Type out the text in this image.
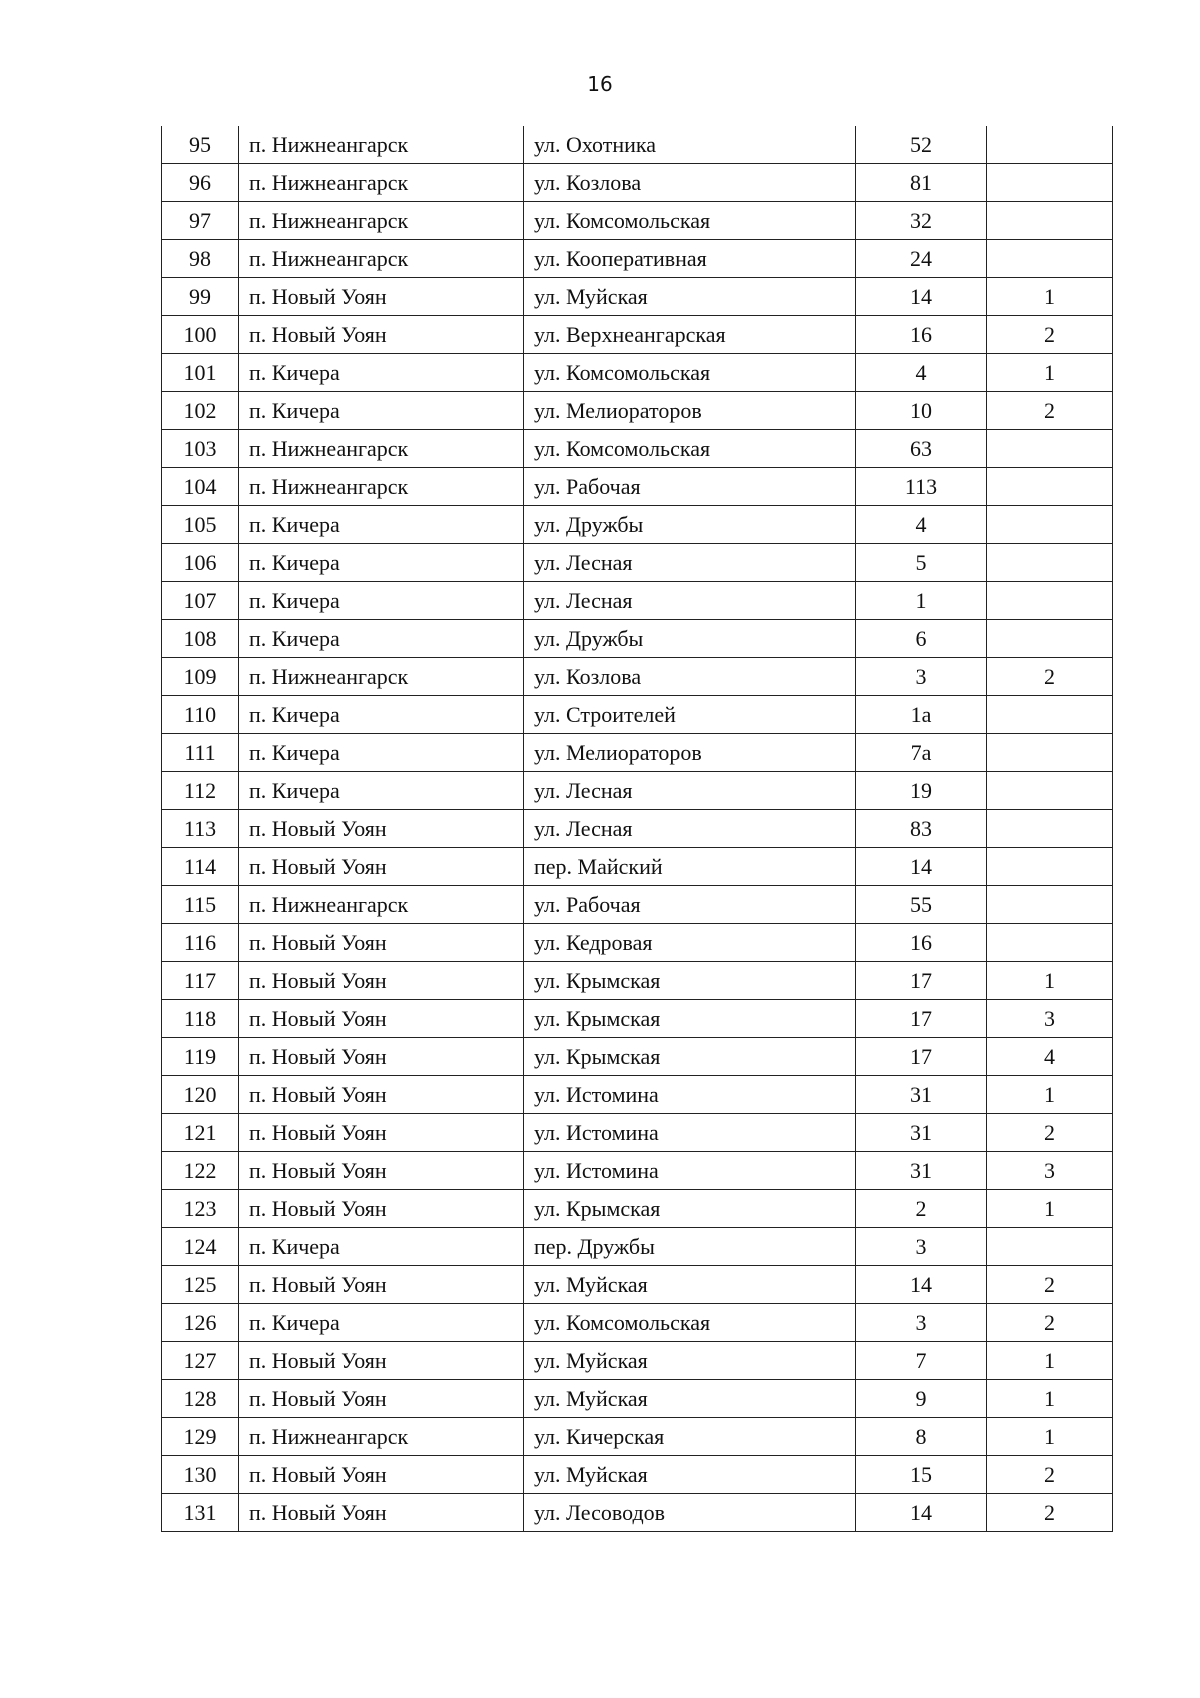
16
95	п. Нижнеангарск	ул. Охотника	52	
96	п. Нижнеангарск	ул. Козлова	81	
97	п. Нижнеангарск	ул. Комсомольская	32	
98	п. Нижнеангарск	ул. Кооперативная	24	
99	п. Новый Уоян	ул. Муйская	14	1
100	п. Новый Уоян	ул. Верхнеангарская	16	2
101	п. Кичера	ул. Комсомольская	4	1
102	п. Кичера	ул. Мелиораторов	10	2
103	п. Нижнеангарск	ул. Комсомольская	63	
104	п. Нижнеангарск	ул. Рабочая	113	
105	п. Кичера	ул. Дружбы	4	
106	п. Кичера	ул. Лесная	5	
107	п. Кичера	ул. Лесная	1	
108	п. Кичера	ул. Дружбы	6	
109	п. Нижнеангарск	ул. Козлова	3	2
110	п. Кичера	ул. Строителей	1а	
111	п. Кичера	ул. Мелиораторов	7а	
112	п. Кичера	ул. Лесная	19	
113	п. Новый Уоян	ул. Лесная	83	
114	п. Новый Уоян	пер. Майский	14	
115	п. Нижнеангарск	ул. Рабочая	55	
116	п. Новый Уоян	ул. Кедровая	16	
117	п. Новый Уоян	ул. Крымская	17	1
118	п. Новый Уоян	ул. Крымская	17	3
119	п. Новый Уоян	ул. Крымская	17	4
120	п. Новый Уоян	ул. Истомина	31	1
121	п. Новый Уоян	ул. Истомина	31	2
122	п. Новый Уоян	ул. Истомина	31	3
123	п. Новый Уоян	ул. Крымская	2	1
124	п. Кичера	пер. Дружбы	3	
125	п. Новый Уоян	ул. Муйская	14	2
126	п. Кичера	ул. Комсомольская	3	2
127	п. Новый Уоян	ул. Муйская	7	1
128	п. Новый Уоян	ул. Муйская	9	1
129	п. Нижнеангарск	ул. Кичерская	8	1
130	п. Новый Уоян	ул. Муйская	15	2
131	п. Новый Уоян	ул. Лесоводов	14	2
